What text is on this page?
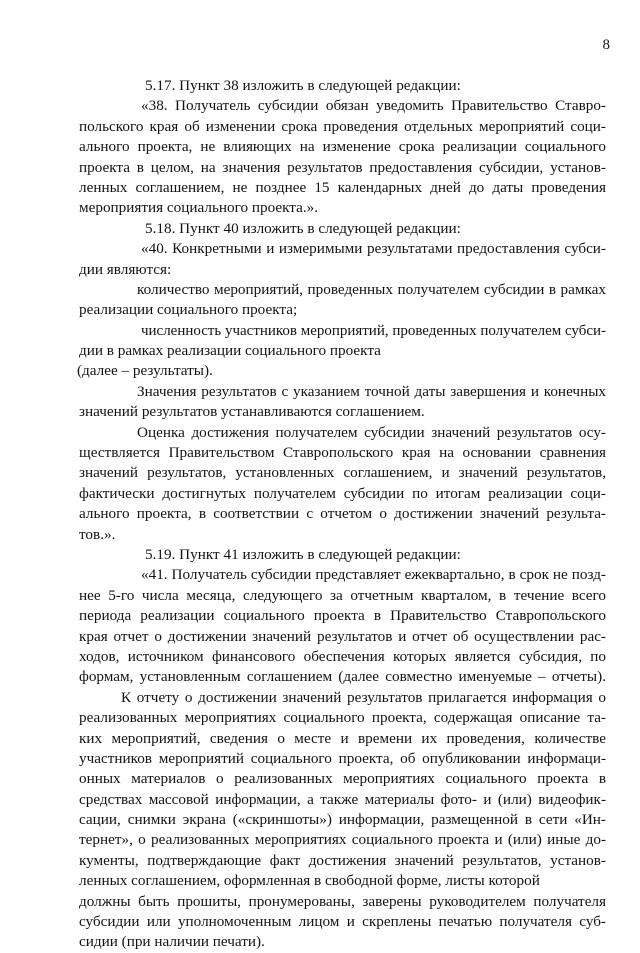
8
5.17. Пункт 38 изложить в следующей редакции:
«38. Получатель субсидии обязан уведомить Правительство Ставро-
польского края об изменении срока проведения отдельных мероприятий соци-
ального проекта, не влияющих на изменение срока реализации социального
проекта в целом, на значения результатов предоставления субсидии, установ-
ленных соглашением, не позднее 15 календарных дней до даты проведения
мероприятия социального проекта.».
5.18. Пункт 40 изложить в следующей редакции:
«40. Конкретными и измеримыми результатами предоставления субси-
дии являются:
количество мероприятий, проведенных получателем субсидии в рамках
реализации социального проекта;
численность участников мероприятий, проведенных получателем субси-
дии в рамках реализации социального проекта
(далее – результаты).
Значения результатов с указанием точной даты завершения и конечных
значений результатов устанавливаются соглашением.
Оценка достижения получателем субсидии значений результатов осу-
ществляется Правительством Ставропольского края на основании сравнения
значений результатов, установленных соглашением, и значений результатов,
фактически достигнутых получателем субсидии по итогам реализации соци-
ального проекта, в соответствии с отчетом о достижении значений результа-
тов.».
5.19. Пункт 41 изложить в следующей редакции:
«41. Получатель субсидии представляет ежеквартально, в срок не позд-
нее 5-го числа месяца, следующего за отчетным кварталом, в течение всего
периода реализации социального проекта в Правительство Ставропольского
края отчет о достижении значений результатов и отчет об осуществлении рас-
ходов, источником финансового обеспечения которых является субсидия, по
формам, установленным соглашением (далее совместно именуемые – отчеты).
К отчету о достижении значений результатов прилагается информация о
реализованных мероприятиях социального проекта, содержащая описание та-
ких мероприятий, сведения о месте и времени их проведения, количестве
участников мероприятий социального проекта, об опубликовании информаци-
онных материалов о реализованных мероприятиях социального проекта в
средствах массовой информации, а также материалы фото- и (или) видеофик-
сации, снимки экрана («скриншоты») информации, размещенной в сети «Ин-
тернет», о реализованных мероприятиях социального проекта и (или) иные до-
кументы, подтверждающие факт достижения значений результатов, установ-
ленных соглашением, оформленная в свободной форме, листы которой
должны быть прошиты, пронумерованы, заверены руководителем получателя
субсидии или уполномоченным лицом и скреплены печатью получателя суб-
сидии (при наличии печати).
